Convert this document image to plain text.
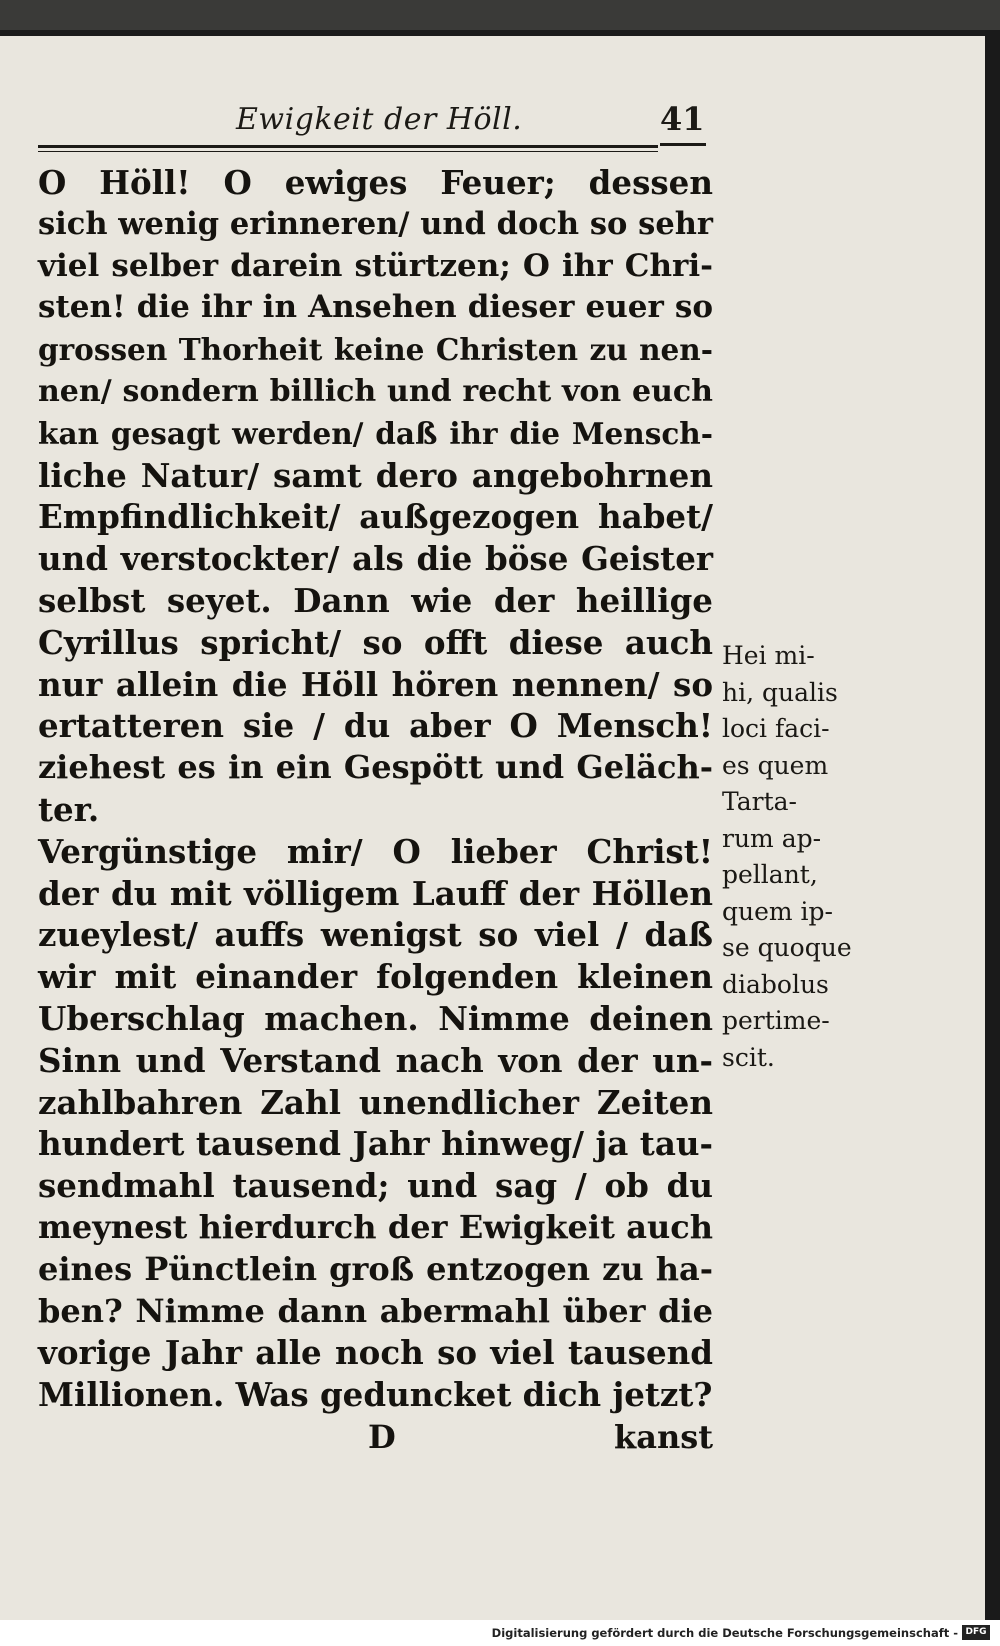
Ewigkeit der Höll.	41
O Höll! O ewiges Feuer; dessen
sich wenig erinneren/ und doch so sehr
viel selber darein stürtzen; O ihr Chri-
sten! die ihr in Ansehen dieser euer so
grossen Thorheit keine Christen zu nen-
nen/ sondern billich und recht von euch
kan gesagt werden/ daß ihr die Mensch-
liche Natur/ samt dero angebohrnen
Empfindlichkeit/ außgezogen habet/
und verstockter/ als die böse Geister
selbst seyet. Dann wie der heillige
Cyrillus spricht/ so offt diese auch
nur allein die Höll hören nennen/ so
ertatteren sie / du aber O Mensch!
ziehest es in ein Gespött und Geläch-
ter.
Vergünstige mir/ O lieber Christ!
der du mit völligem Lauff der Höllen
zueylest/ auffs wenigst so viel / daß
wir mit einander folgenden kleinen
Uberschlag machen. Nimme deinen
Sinn und Verstand nach von der un-
zahlbahren Zahl unendlicher Zeiten
hundert tausend Jahr hinweg/ ja tau-
sendmahl tausend; und sag / ob du
meynest hierdurch der Ewigkeit auch
eines Pünctlein groß entzogen zu ha-
ben? Nimme dann abermahl über die
vorige Jahr alle noch so viel tausend
Millionen. Was geduncket dich jetzt?
Hei mi-
hi, qualis
loci faci-
es quem
Tarta-
rum ap-
pellant,
quem ip-
se quoque
diabolus
pertime-
scit.
D	kanst
Digitalisierung gefördert durch die Deutsche Forschungsgemeinschaft - DFG
